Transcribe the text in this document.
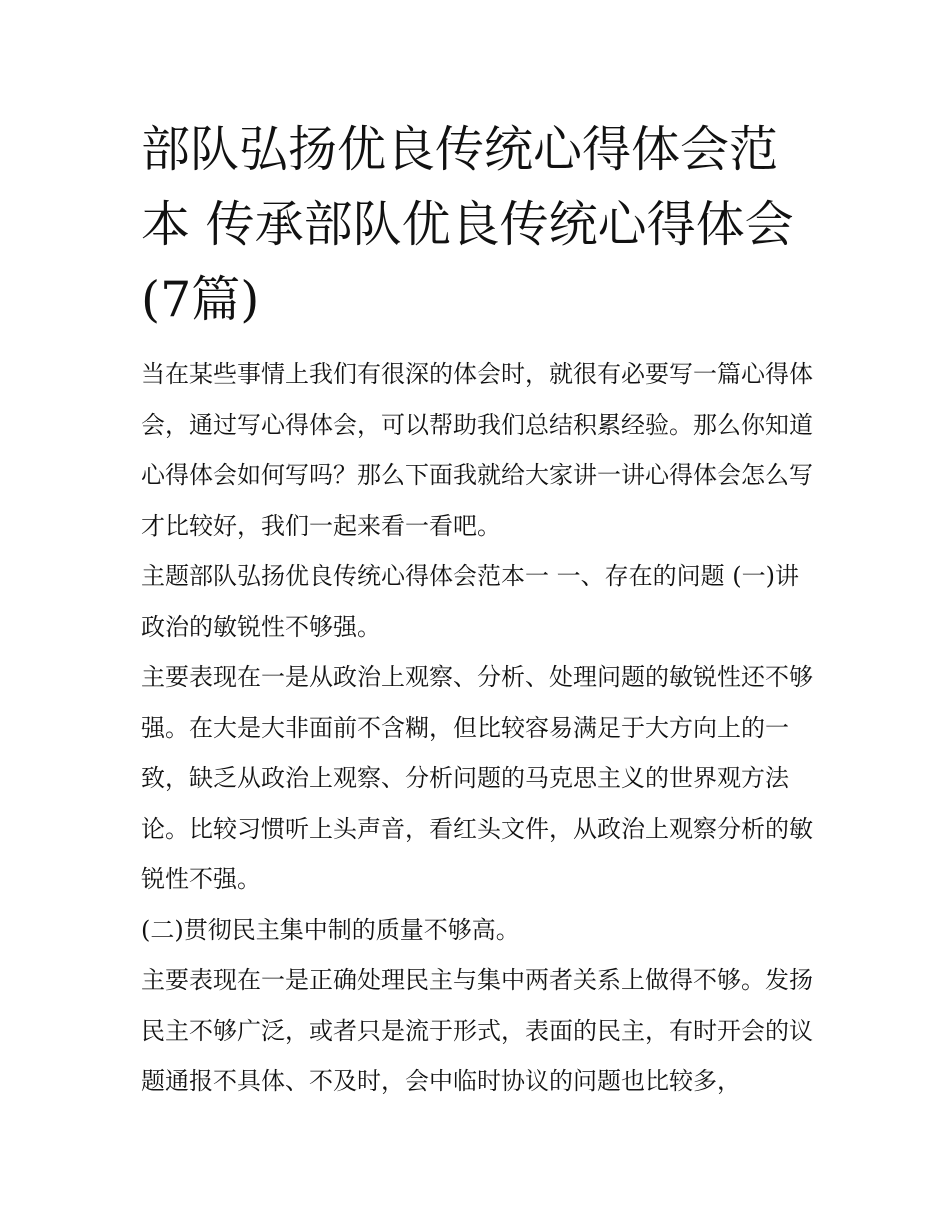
部队弘扬优良传统心得体会范本 传承部队优良传统心得体会(7篇)

当在某些事情上我们有很深的体会时，就很有必要写一篇心得体会，通过写心得体会，可以帮助我们总结积累经验。那么你知道心得体会如何写吗？那么下面我就给大家讲一讲心得体会怎么写才比较好，我们一起来看一看吧。

主题部队弘扬优良传统心得体会范本一 一、存在的问题 (一)讲政治的敏锐性不够强。

主要表现在一是从政治上观察、分析、处理问题的敏锐性还不够强。在大是大非面前不含糊，但比较容易满足于大方向上的一致，缺乏从政治上观察、分析问题的马克思主义的世界观方法论。比较习惯听上头声音，看红头文件，从政治上观察分析的敏锐性不强。

(二)贯彻民主集中制的质量不够高。

主要表现在一是正确处理民主与集中两者关系上做得不够。发扬民主不够广泛，或者只是流于形式，表面的民主，有时开会的议题通报不具体、不及时，会中临时协议的问题也比较多，
